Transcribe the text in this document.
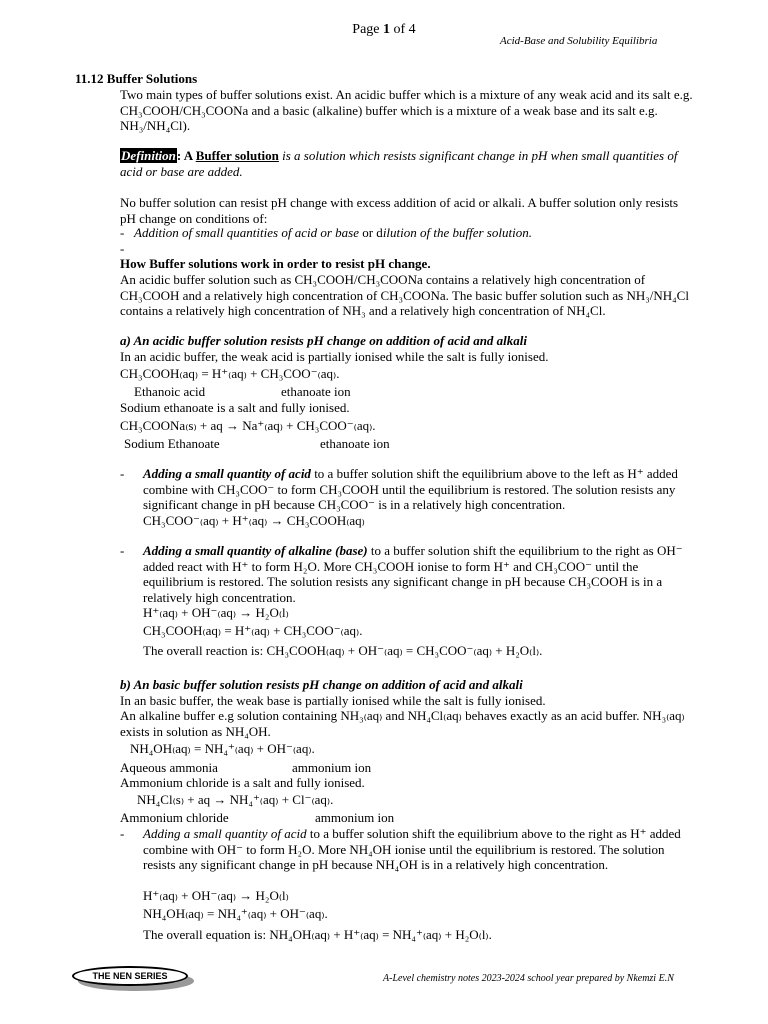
Page 1 of 4
Acid-Base and Solubility Equilibria
11.12 Buffer Solutions
Two main types of buffer solutions exist. An acidic buffer which is a mixture of any weak acid and its salt e.g. CH₃COOH/CH₃COONa and a basic (alkaline) buffer which is a mixture of a weak base and its salt e.g. NH₃/NH₄Cl).
Definition: A Buffer solution is a solution which resists significant change in pH when small quantities of acid or base are added.
No buffer solution can resist pH change with excess addition of acid or alkali. A buffer solution only resists pH change on conditions of:
- Addition of small quantities of acid or base or dilution of the buffer solution.
-
How Buffer solutions work in order to resist pH change.
An acidic buffer solution such as CH₃COOH/CH₃COONa contains a relatively high concentration of CH₃COOH and a relatively high concentration of CH₃COONa. The basic buffer solution such as NH₃/NH₄Cl contains a relatively high concentration of NH₃ and a relatively high concentration of NH₄Cl.
a) An acidic buffer solution resists pH change on addition of acid and alkali
In an acidic buffer, the weak acid is partially ionised while the salt is fully ionised.
CH₃COOH₍aq₎ = H⁺₍aq₎ + CH₃COO⁻₍aq₎.
Ethanoic acid	ethanoate ion
Sodium ethanoate is a salt and fully ionised.
CH₃COONa₍s₎ + aq → Na⁺₍aq₎ + CH₃COO⁻₍aq₎.
Sodium Ethanoate	ethanoate ion
- Adding a small quantity of acid to a buffer solution shift the equilibrium above to the left as H⁺ added combine with CH₃COO⁻ to form CH₃COOH until the equilibrium is restored. The solution resists any significant change in pH because CH₃COO⁻ is in a relatively high concentration.
CH₃COO⁻₍aq₎ + H⁺₍aq₎ → CH₃COOH₍aq₎
- Adding a small quantity of alkaline (base) to a buffer solution shift the equilibrium to the right as OH⁻ added react with H⁺ to form H₂O. More CH₃COOH ionise to form H⁺ and CH₃COO⁻ until the equilibrium is restored. The solution resists any significant change in pH because CH₃COOH is in a relatively high concentration.
H⁺₍aq₎ + OH⁻₍aq₎ → H₂O₍l₎
CH₃COOH₍aq₎ = H⁺₍aq₎ + CH₃COO⁻₍aq₎.
The overall reaction is: CH₃COOH₍aq₎ + OH⁻₍aq₎ = CH₃COO⁻₍aq₎ + H₂O₍l₎.
b) An basic buffer solution resists pH change on addition of acid and alkali
In an basic buffer, the weak base is partially ionised while the salt is fully ionised.
An alkaline buffer e.g solution containing NH₃₍aq₎ and NH₄Cl₍aq₎ behaves exactly as an acid buffer. NH₃₍aq₎ exists in solution as NH₄OH.
NH₄OH₍aq₎ = NH₄⁺₍aq₎ + OH⁻₍aq₎.
Aqueous ammonia	ammonium ion
Ammonium chloride is a salt and fully ionised.
NH₄Cl₍s₎ + aq → NH₄⁺₍aq₎ + Cl⁻₍aq₎.
Ammonium chloride	ammonium ion
- Adding a small quantity of acid to a buffer solution shift the equilibrium above to the right as H⁺ added combine with OH⁻ to form H₂O. More NH₄OH ionise until the equilibrium is restored. The solution resists any significant change in pH because NH₄OH is in a relatively high concentration.
H⁺₍aq₎ + OH⁻₍aq₎ → H₂O₍l₎
NH₄OH₍aq₎ = NH₄⁺₍aq₎ + OH⁻₍aq₎.
The overall equation is: NH₄OH₍aq₎ + H⁺₍aq₎ = NH₄⁺₍aq₎ + H₂O₍l₎.
THE NEN SERIES	A-Level chemistry notes 2023-2024 school year prepared by Nkemzi E.N
